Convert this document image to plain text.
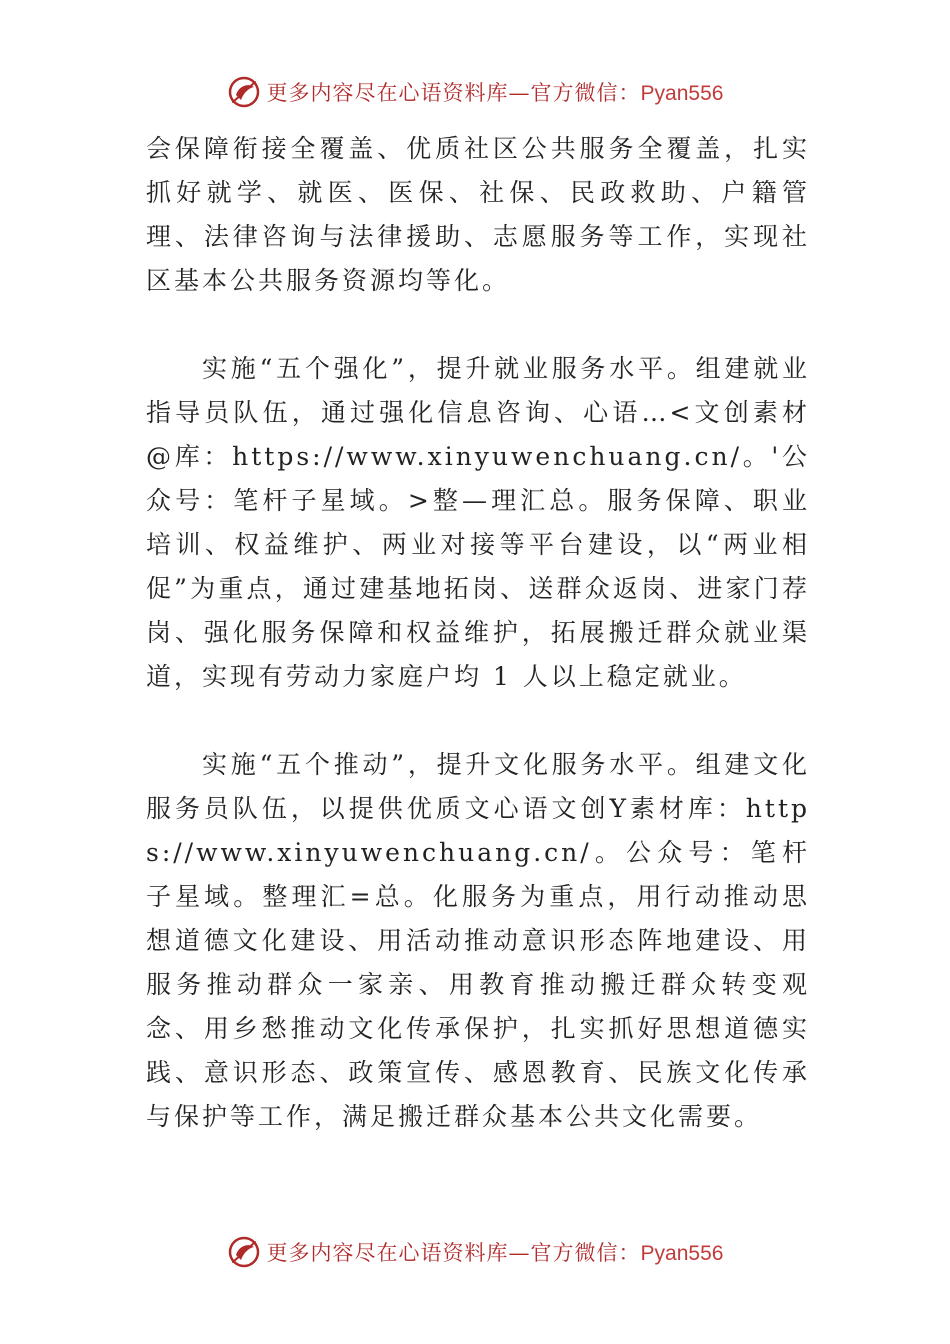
更多内容尽在心语资料库—官方微信：Pyan556

会保障衔接全覆盖、优质社区公共服务全覆盖，扎实抓好就学、就医、医保、社保、民政救助、户籍管理、法律咨询与法律援助、志愿服务等工作，实现社区基本公共服务资源均等化。

实施“五个强化”，提升就业服务水平。组建就业指导员队伍，通过强化信息咨询、心语…<文创素材@库：https://www.xinyuwenchuang.cn/。'公众号：笔杆子星域。>整—理汇总。服务保障、职业培训、权益维护、两业对接等平台建设，以“两业相促”为重点，通过建基地拓岗、送群众返岗、进家门荐岗、强化服务保障和权益维护，拓展搬迁群众就业渠道，实现有劳动力家庭户均 1 人以上稳定就业。

实施“五个推动”，提升文化服务水平。组建文化服务员队伍，以提供优质文心语文创Y素材库：https://www.xinyuwenchuang.cn/。公众号：笔杆子星域。整理汇=总。化服务为重点，用行动推动思想道德文化建设、用活动推动意识形态阵地建设、用服务推动群众一家亲、用教育推动搬迁群众转变观念、用乡愁推动文化传承保护，扎实抓好思想道德实践、意识形态、政策宣传、感恩教育、民族文化传承与保护等工作，满足搬迁群众基本公共文化需要。

更多内容尽在心语资料库—官方微信：Pyan556
